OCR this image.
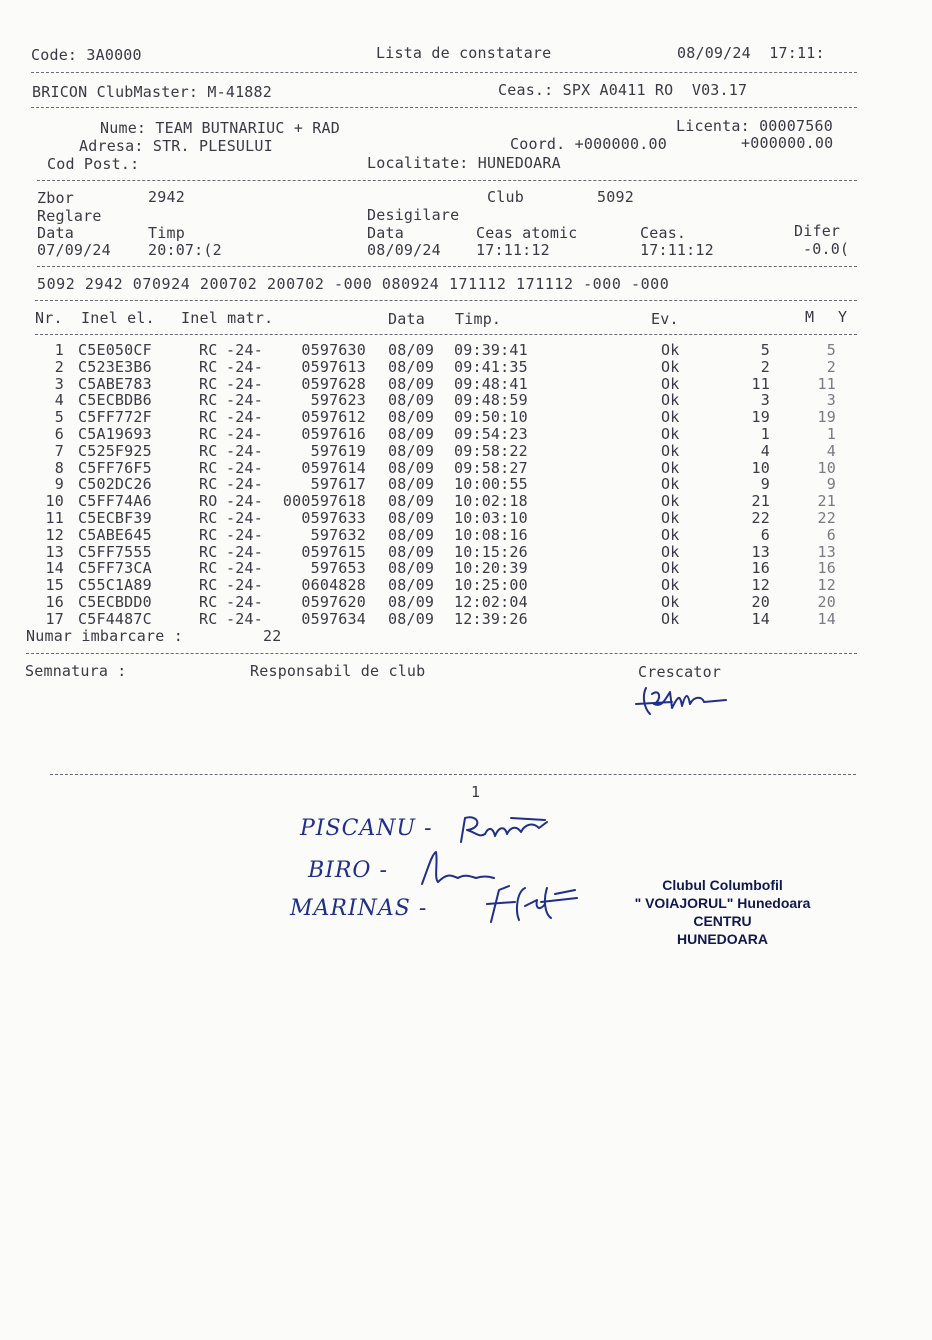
Code: 3A0000	Lista de constatare	08/09/24  17:11:
BRICON ClubMaster: M-41882	Ceas.: SPX A0411 RO  V03.17
Nume: TEAM BUTNARIUC + RAD	Licenta: 00007560
Adresa: STR. PLESULUI	Coord. +000000.00	+000000.00
Cod Post.:	Localitate: HUNEDOARA
Zbor	2942	Club	5092
Reglare	Desigilare
Data	Timp	Data	Ceas atomic	Ceas.	Difer
07/09/24 20:07:(2	08/09/24 17:11:12	17:11:12	-0.0(
5092 2942 070924 200702 200702 -000 080924 171112 171112 -000 -000
Nr. Inel el. Inel matr.	Data Timp.	Ev.	M Y
1 C5E050CF	RC -24-	0597630 08/09 09:39:41	Ok	5	5
2 C523E3B6	RC -24-	0597613 08/09 09:41:35	Ok	2	2
3 C5ABE783	RC -24-	0597628 08/09 09:48:41	Ok	11	11
4 C5ECBDB6	RC -24-	597623 08/09 09:48:59	Ok	3	3
5 C5FF772F	RC -24-	0597612 08/09 09:50:10	Ok	19	19
6 C5A19693	RC -24-	0597616 08/09 09:54:23	Ok	1	1
7 C525F925	RC -24-	597619 08/09 09:58:22	Ok	4	4
8 C5FF76F5	RC -24-	0597614 08/09 09:58:27	Ok	10	10
9 C502DC26	RC -24-	597617 08/09 10:00:55	Ok	9	9
10 C5FF74A6	RO -24- 000597618 08/09 10:02:18	Ok	21	21
11 C5ECBF39	RC -24-	0597633 08/09 10:03:10	Ok	22	22
12 C5ABE645	RC -24-	597632 08/09 10:08:16	Ok	6	6
13 C5FF7555	RC -24-	0597615 08/09 10:15:26	Ok	13	13
14 C5FF73CA	RC -24-	597653 08/09 10:20:39	Ok	16	16
15 C55C1A89	RC -24-	0604828 08/09 10:25:00	Ok	12	12
16 C5ECBDD0	RC -24-	0597620 08/09 12:02:04	Ok	20	20
17 C5F4487C	RC -24-	0597634 08/09 12:39:26	Ok	14	14
Numar imbarcare :	22
Semnatura :	Responsabil de club	Crescator
1
PISCANU -
BIRO -
MARINAS -
Clubul Columbofil
" VOIAJORUL" Hunedoara
CENTRU
HUNEDOARA
